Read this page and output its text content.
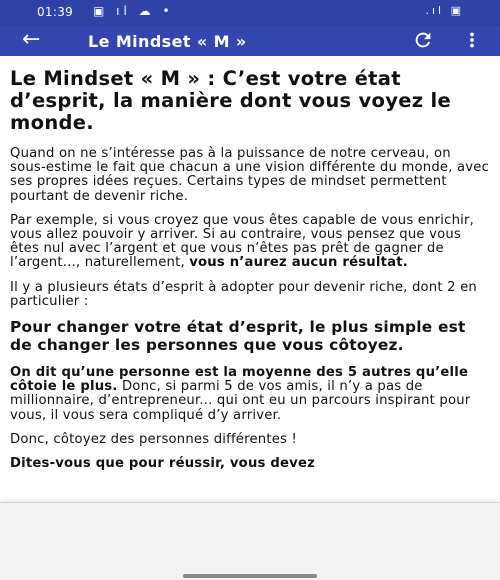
01:39 ▣ ıl ☁ •	.ıl ▣
←	Le Mindset « M »
Le Mindset « M » : C’est votre état d’esprit, la manière dont vous voyez le monde.

Quand on ne s’intéresse pas à la puissance de notre cerveau, on sous-estime le fait que chacun a une vision différente du monde, avec ses propres idées reçues. Certains types de mindset permettent pourtant de devenir riche.

Par exemple, si vous croyez que vous êtes capable de vous enrichir, vous allez pouvoir y arriver. Si au contraire, vous pensez que vous êtes nul avec l’argent et que vous n’êtes pas prêt de gagner de l’argent..., naturellement, vous n’aurez aucun résultat.

Il y a plusieurs états d’esprit à adopter pour devenir riche, dont 2 en particulier :

Pour changer votre état d’esprit, le plus simple est de changer les personnes que vous côtoyez.

On dit qu’une personne est la moyenne des 5 autres qu’elle côtoie le plus. Donc, si parmi 5 de vos amis, il n’y a pas de millionnaire, d’entrepreneur... qui ont eu un parcours inspirant pour vous, il vous sera compliqué d’y arriver.

Donc, côtoyez des personnes différentes !

Dites-vous que pour réussir, vous devez
